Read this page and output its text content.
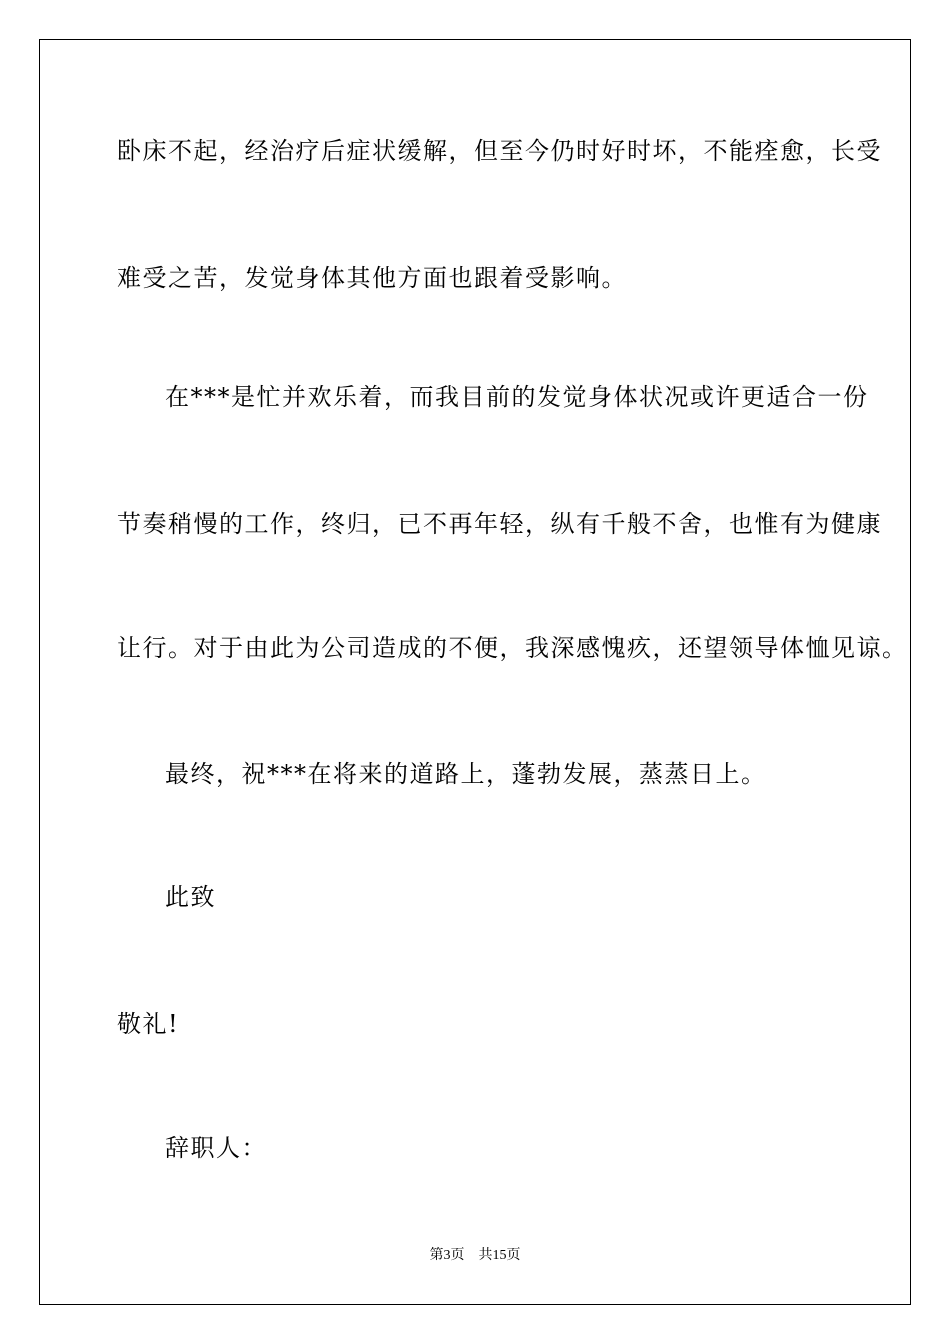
卧床不起，经治疗后症状缓解，但至今仍时好时坏，不能痊愈，长受
难受之苦，发觉身体其他方面也跟着受影响。
在***是忙并欢乐着，而我目前的发觉身体状况或许更适合一份
节奏稍慢的工作，终归，已不再年轻，纵有千般不舍，也惟有为健康
让行。对于由此为公司造成的不便，我深感愧疚，还望领导体恤见谅。
最终，祝***在将来的道路上，蓬勃发展，蒸蒸日上。
此致
敬礼!
辞职人：
第3页 共15页
